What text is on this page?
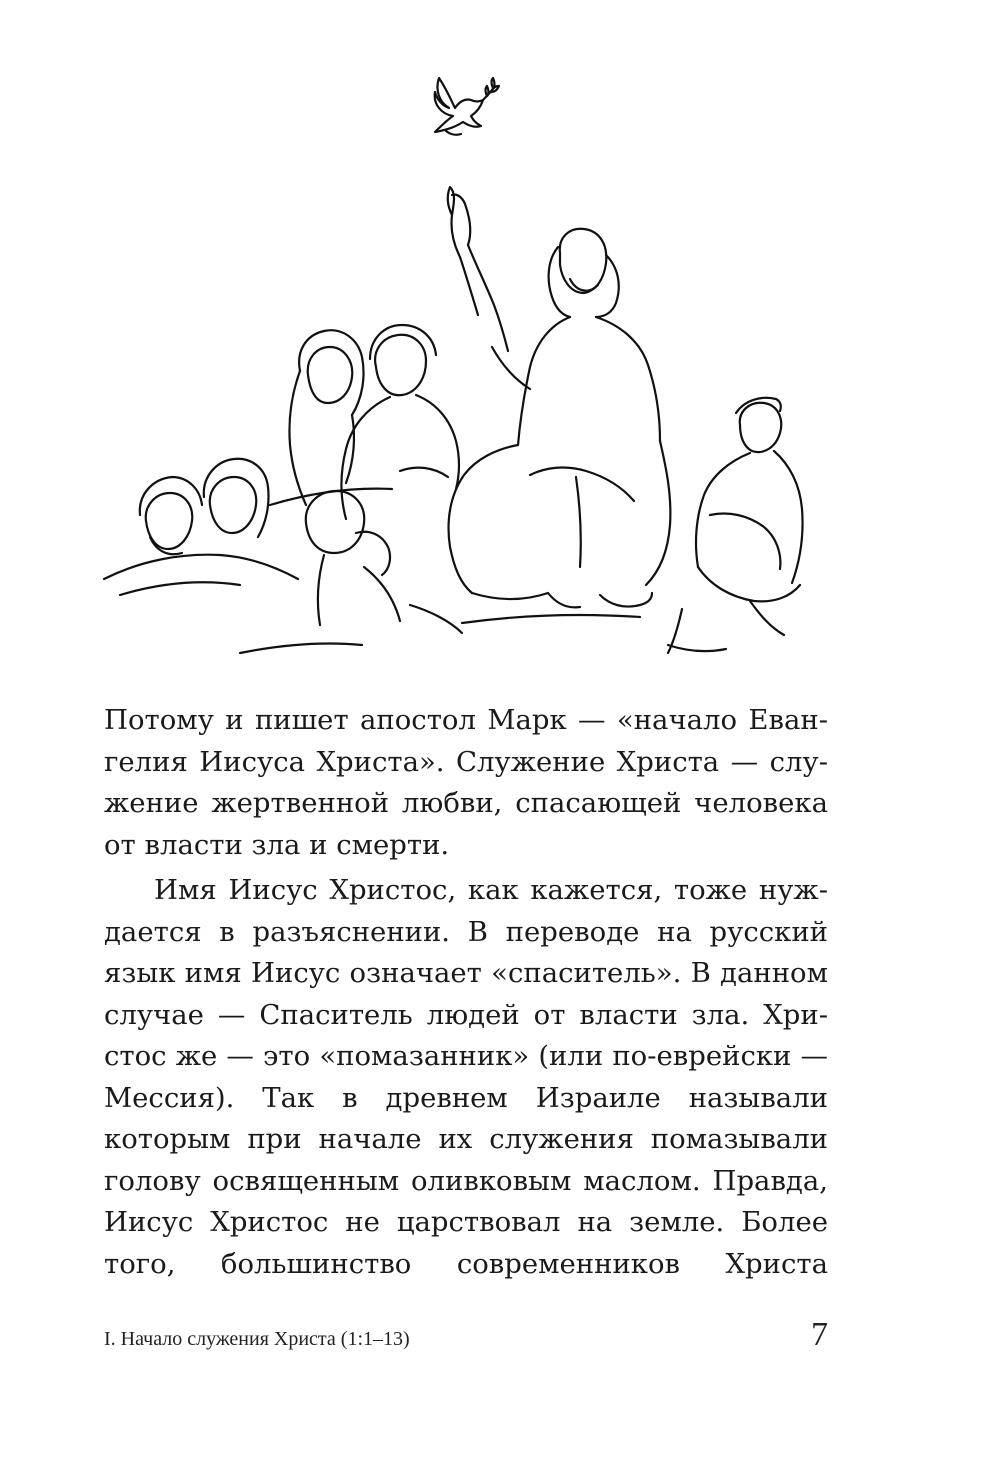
Потому и пишет апостол Марк — «начало Еван-
гелия Иисуса Христа». Служение Христа — слу-
жение жертвенной любви, спасающей человека
от власти зла и смерти.
Имя Иисус Христос, как кажется, тоже нуж-
дается в разъяснении. В переводе на русский
язык имя Иисус означает «спаситель». В данном
случае — Спаситель людей от власти зла. Хри-
стос же — это «помазанник» (или по-еврейски —
Мессия). Так в древнем Израиле называли
которым при начале их служения помазывали
голову освященным оливковым маслом. Правда,
Иисус Христос не царствовал на земле. Более
того, большинство современников Христа
I. Начало служения Христа (1:1–13)	7
